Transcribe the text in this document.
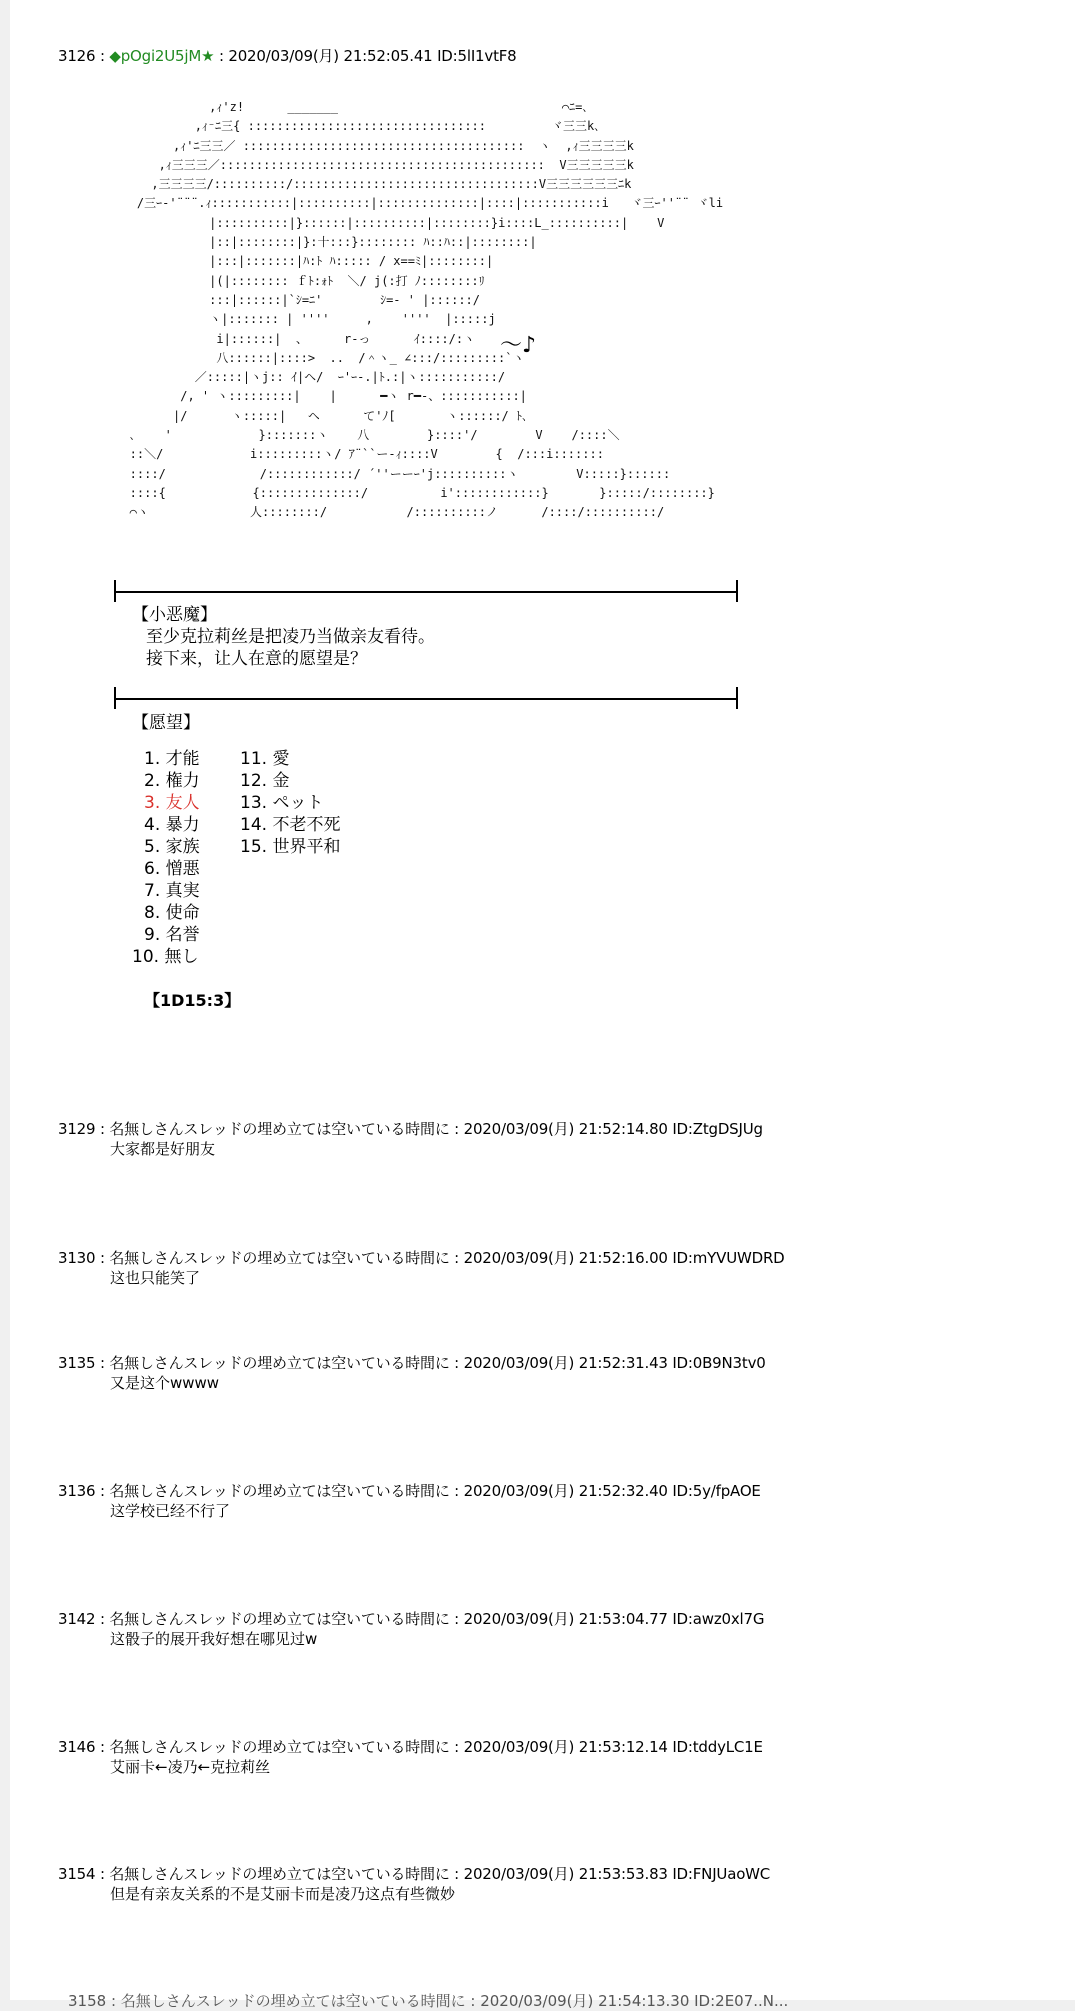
3126 : ◆pOgi2U5jM★ : 2020/03/09(月) 21:52:05.41 ID:5lI1vtF8
,ｨ'z!      _______                               ⌒ﾆ=､
,ｨ⁻ﾆ三{ :::::::::::::::::::::::::::::::::         ヾ三三k､
,ｨ'ﾆ三三／ :::::::::::::::::::::::::::::::::::::::  ヽ  ,ｨ三三三三k
,ｨ三三三／:::::::::::::::::::::::::::::::::::::::::::::  V三三三三三k
,三三三三/::::::::::/::::::::::::::::::::::::::::::::::V三三三三三三ﾆk
/三ｰ‐'¨¨¨.ｨ:::::::::::|::::::::::|::::::::::::::|::::|:::::::::::i   ヾ三ｰ''¨¨ ヾli
|::::::::::|}::::::|::::::::::|::::::::}i::::L_::::::::::|    V
|::|::::::::|}:十:::}:::::::: ﾊ::ﾊ::|::::::::|
|:::|:::::::|ﾊ:ﾄ ﾊ::::: / x==ﾐ|::::::::|
|(|:::::::: ｆﾄ:ｫﾄ  ＼/ j(:打 ﾉ::::::::ﾘ
:::|::::::|`ｼ=ﾆ'        ｼ=- ' |::::::/
ヽ|::::::: | ''''     ,    ''''  |:::::j
i|::::::|  、     r-っ      ｲ::::/:ヽ
八::::::|::::>  ..  /＾ヽ_ ∠:::/:::::::::`ヽ
／:::::|ヽj:: ｲ|ヘ/  ｰ'ｰ-.|ﾄ.:|ヽ:::::::::::/
/, ' ヽ:::::::::|    |      ━ヽ r━‐、:::::::::::|
|/      ヽ:::::|   ヘ      て'ﾉ[       ヽ::::::/ ﾄ､
､    '            }:::::::ヽ    八        }::::'/        V    /::::＼
::＼/            i:::::::::ヽ/ ｱ¨``ー-ｨ::::V        {  /:::i:::::::
::::/             /::::::::::::/ ´''ーーｰ'j::::::::::ヽ        V:::::}::::::
::::{            {::::::::::::::/          i'::::::::::::}       }:::::/::::::::}
⌒ヽ              人::::::::/           /::::::::::ノ      /::::/::::::::::/
～♪
【小恶魔】
至少克拉莉丝是把凌乃当做亲友看待。
接下来，让人在意的愿望是？
【愿望】
1. 才能
2. 権力
3. 友人
4. 暴力
5. 家族
6. 憎悪
7. 真実
8. 使命
9. 名誉
10. 無し
11. 愛
12. 金
13. ペット
14. 不老不死
15. 世界平和
【1D15:3】
3129 : 名無しさんスレッドの埋め立ては空いている時間に : 2020/03/09(月) 21:52:14.80 ID:ZtgDSJUg
大家都是好朋友
3130 : 名無しさんスレッドの埋め立ては空いている時間に : 2020/03/09(月) 21:52:16.00 ID:mYVUWDRD
这也只能笑了
3135 : 名無しさんスレッドの埋め立ては空いている時間に : 2020/03/09(月) 21:52:31.43 ID:0B9N3tv0
又是这个wwww
3136 : 名無しさんスレッドの埋め立ては空いている時間に : 2020/03/09(月) 21:52:32.40 ID:5y/fpAOE
这学校已经不行了
3142 : 名無しさんスレッドの埋め立ては空いている時間に : 2020/03/09(月) 21:53:04.77 ID:awz0xl7G
这骰子的展开我好想在哪见过w
3146 : 名無しさんスレッドの埋め立ては空いている時間に : 2020/03/09(月) 21:53:12.14 ID:tddyLC1E
艾丽卡←凌乃←克拉莉丝
3154 : 名無しさんスレッドの埋め立ては空いている時間に : 2020/03/09(月) 21:53:53.83 ID:FNJUaoWC
但是有亲友关系的不是艾丽卡而是凌乃这点有些微妙
3158 : 名無しさんスレッドの埋め立ては空いている時間に : 2020/03/09(月) 21:54:13.30 ID:2E07..N...
